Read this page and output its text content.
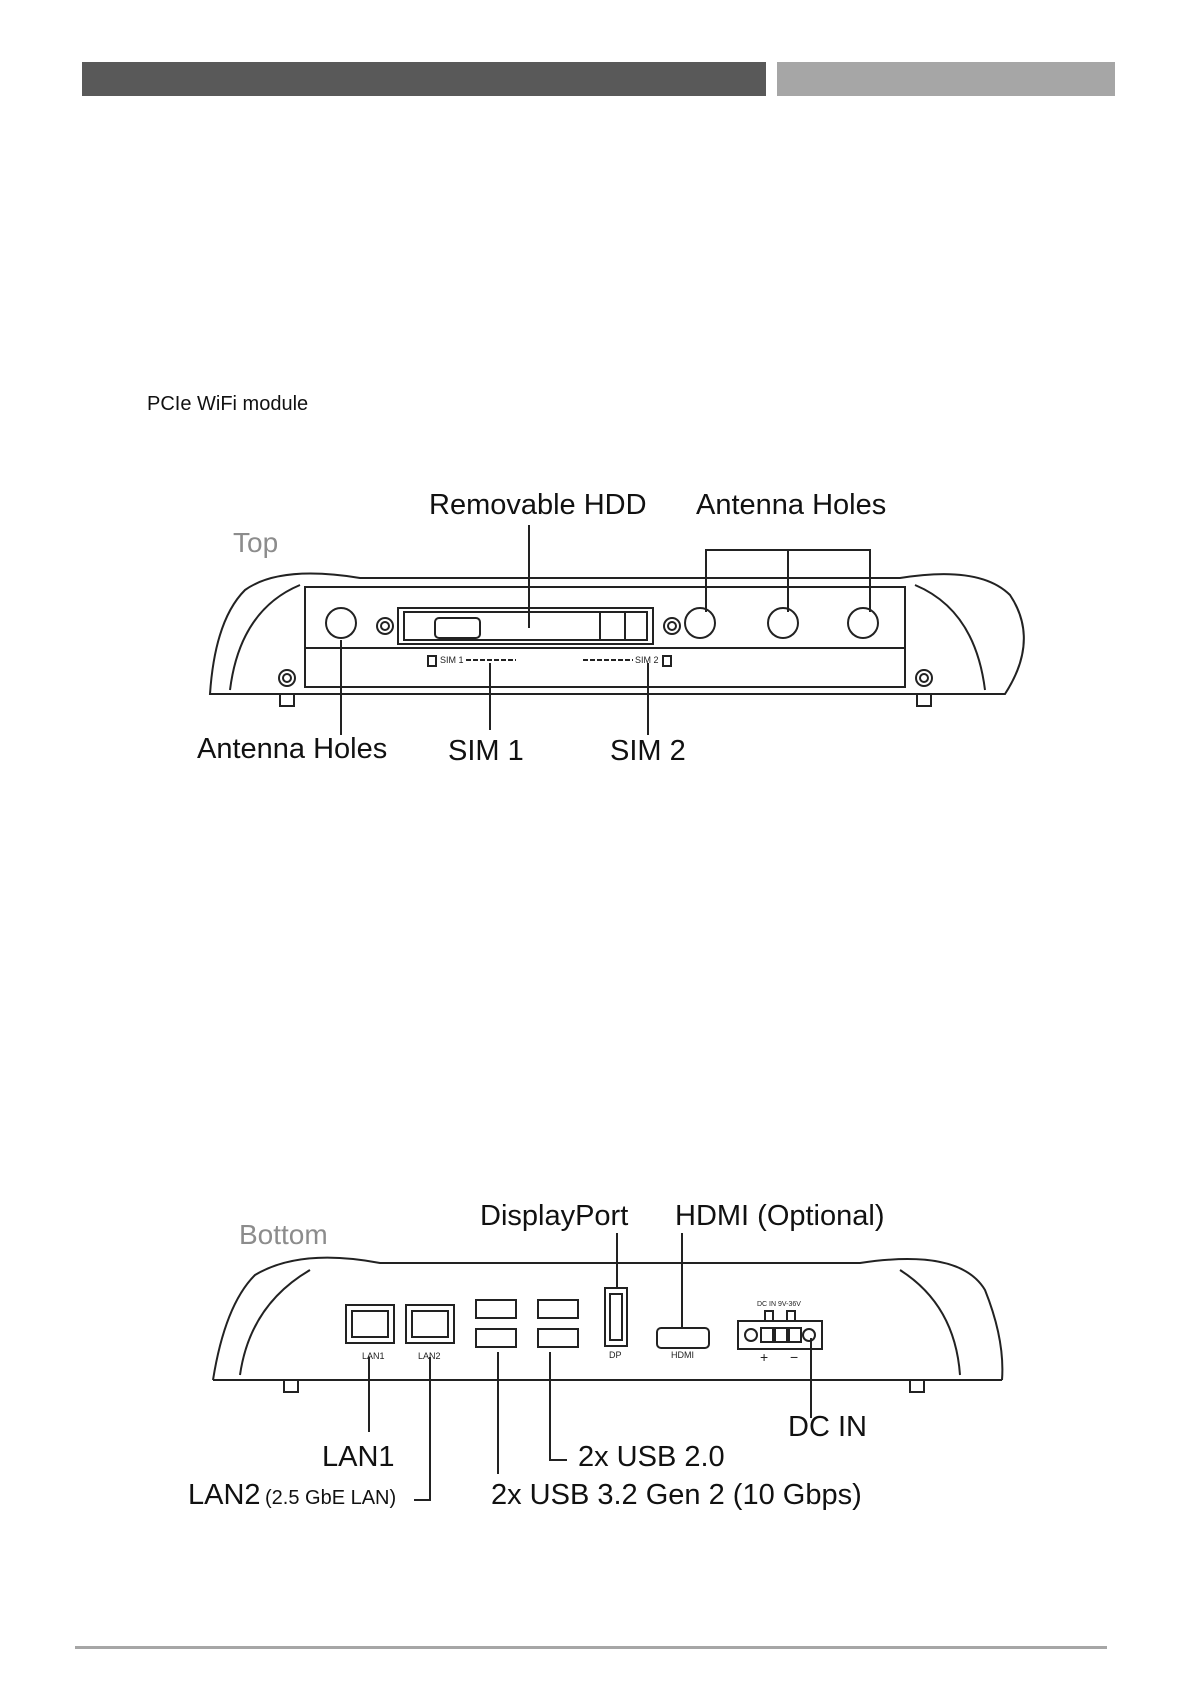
PCIe WiFi module
SIM 1	SIM 2
Top
Removable HDD Antenna Holes
Antenna Holes SIM 1	SIM 2
LAN1	LAN2	DP	HDMI
DC IN 9V-36V
+ −
Bottom
DisplayPort HDMI (Optional)
DC IN
LAN1	2x USB 2.0
LAN2 (2.5 GbE LAN)	2x USB 3.2 Gen 2 (10 Gbps)
